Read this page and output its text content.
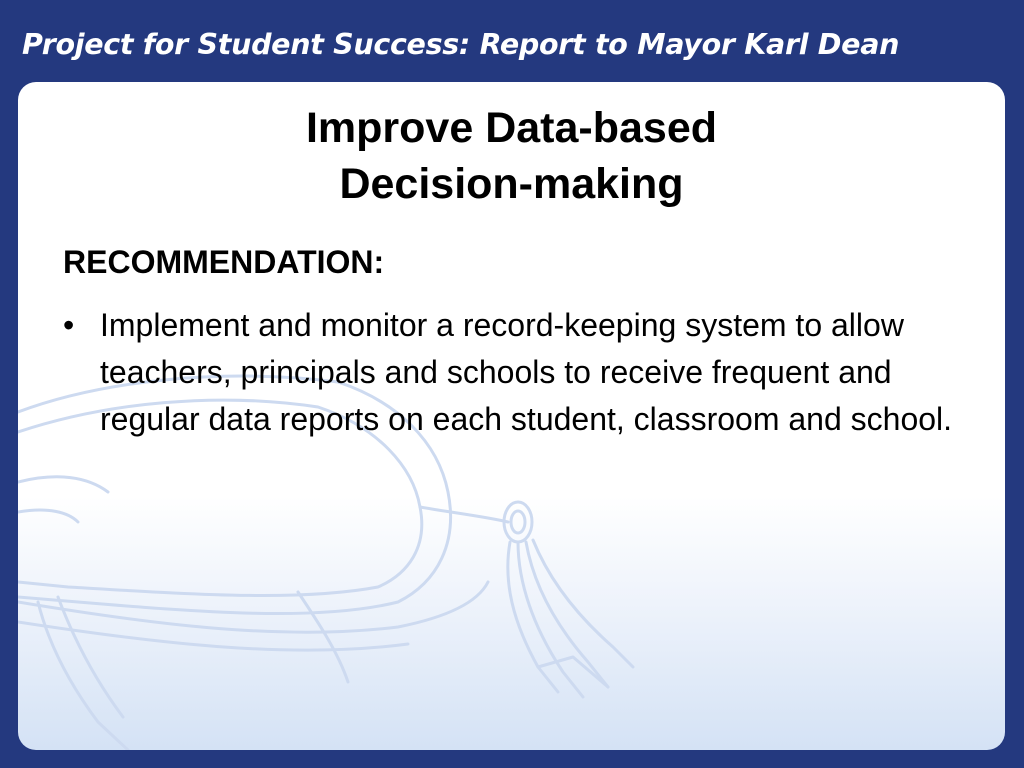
Project for Student Success: Report to Mayor Karl Dean
Improve Data-based
Decision-making
RECOMMENDATION:
• Implement and monitor a record-keeping system to allow teachers, principals and schools to receive frequent and regular data reports on each student, classroom and school.
